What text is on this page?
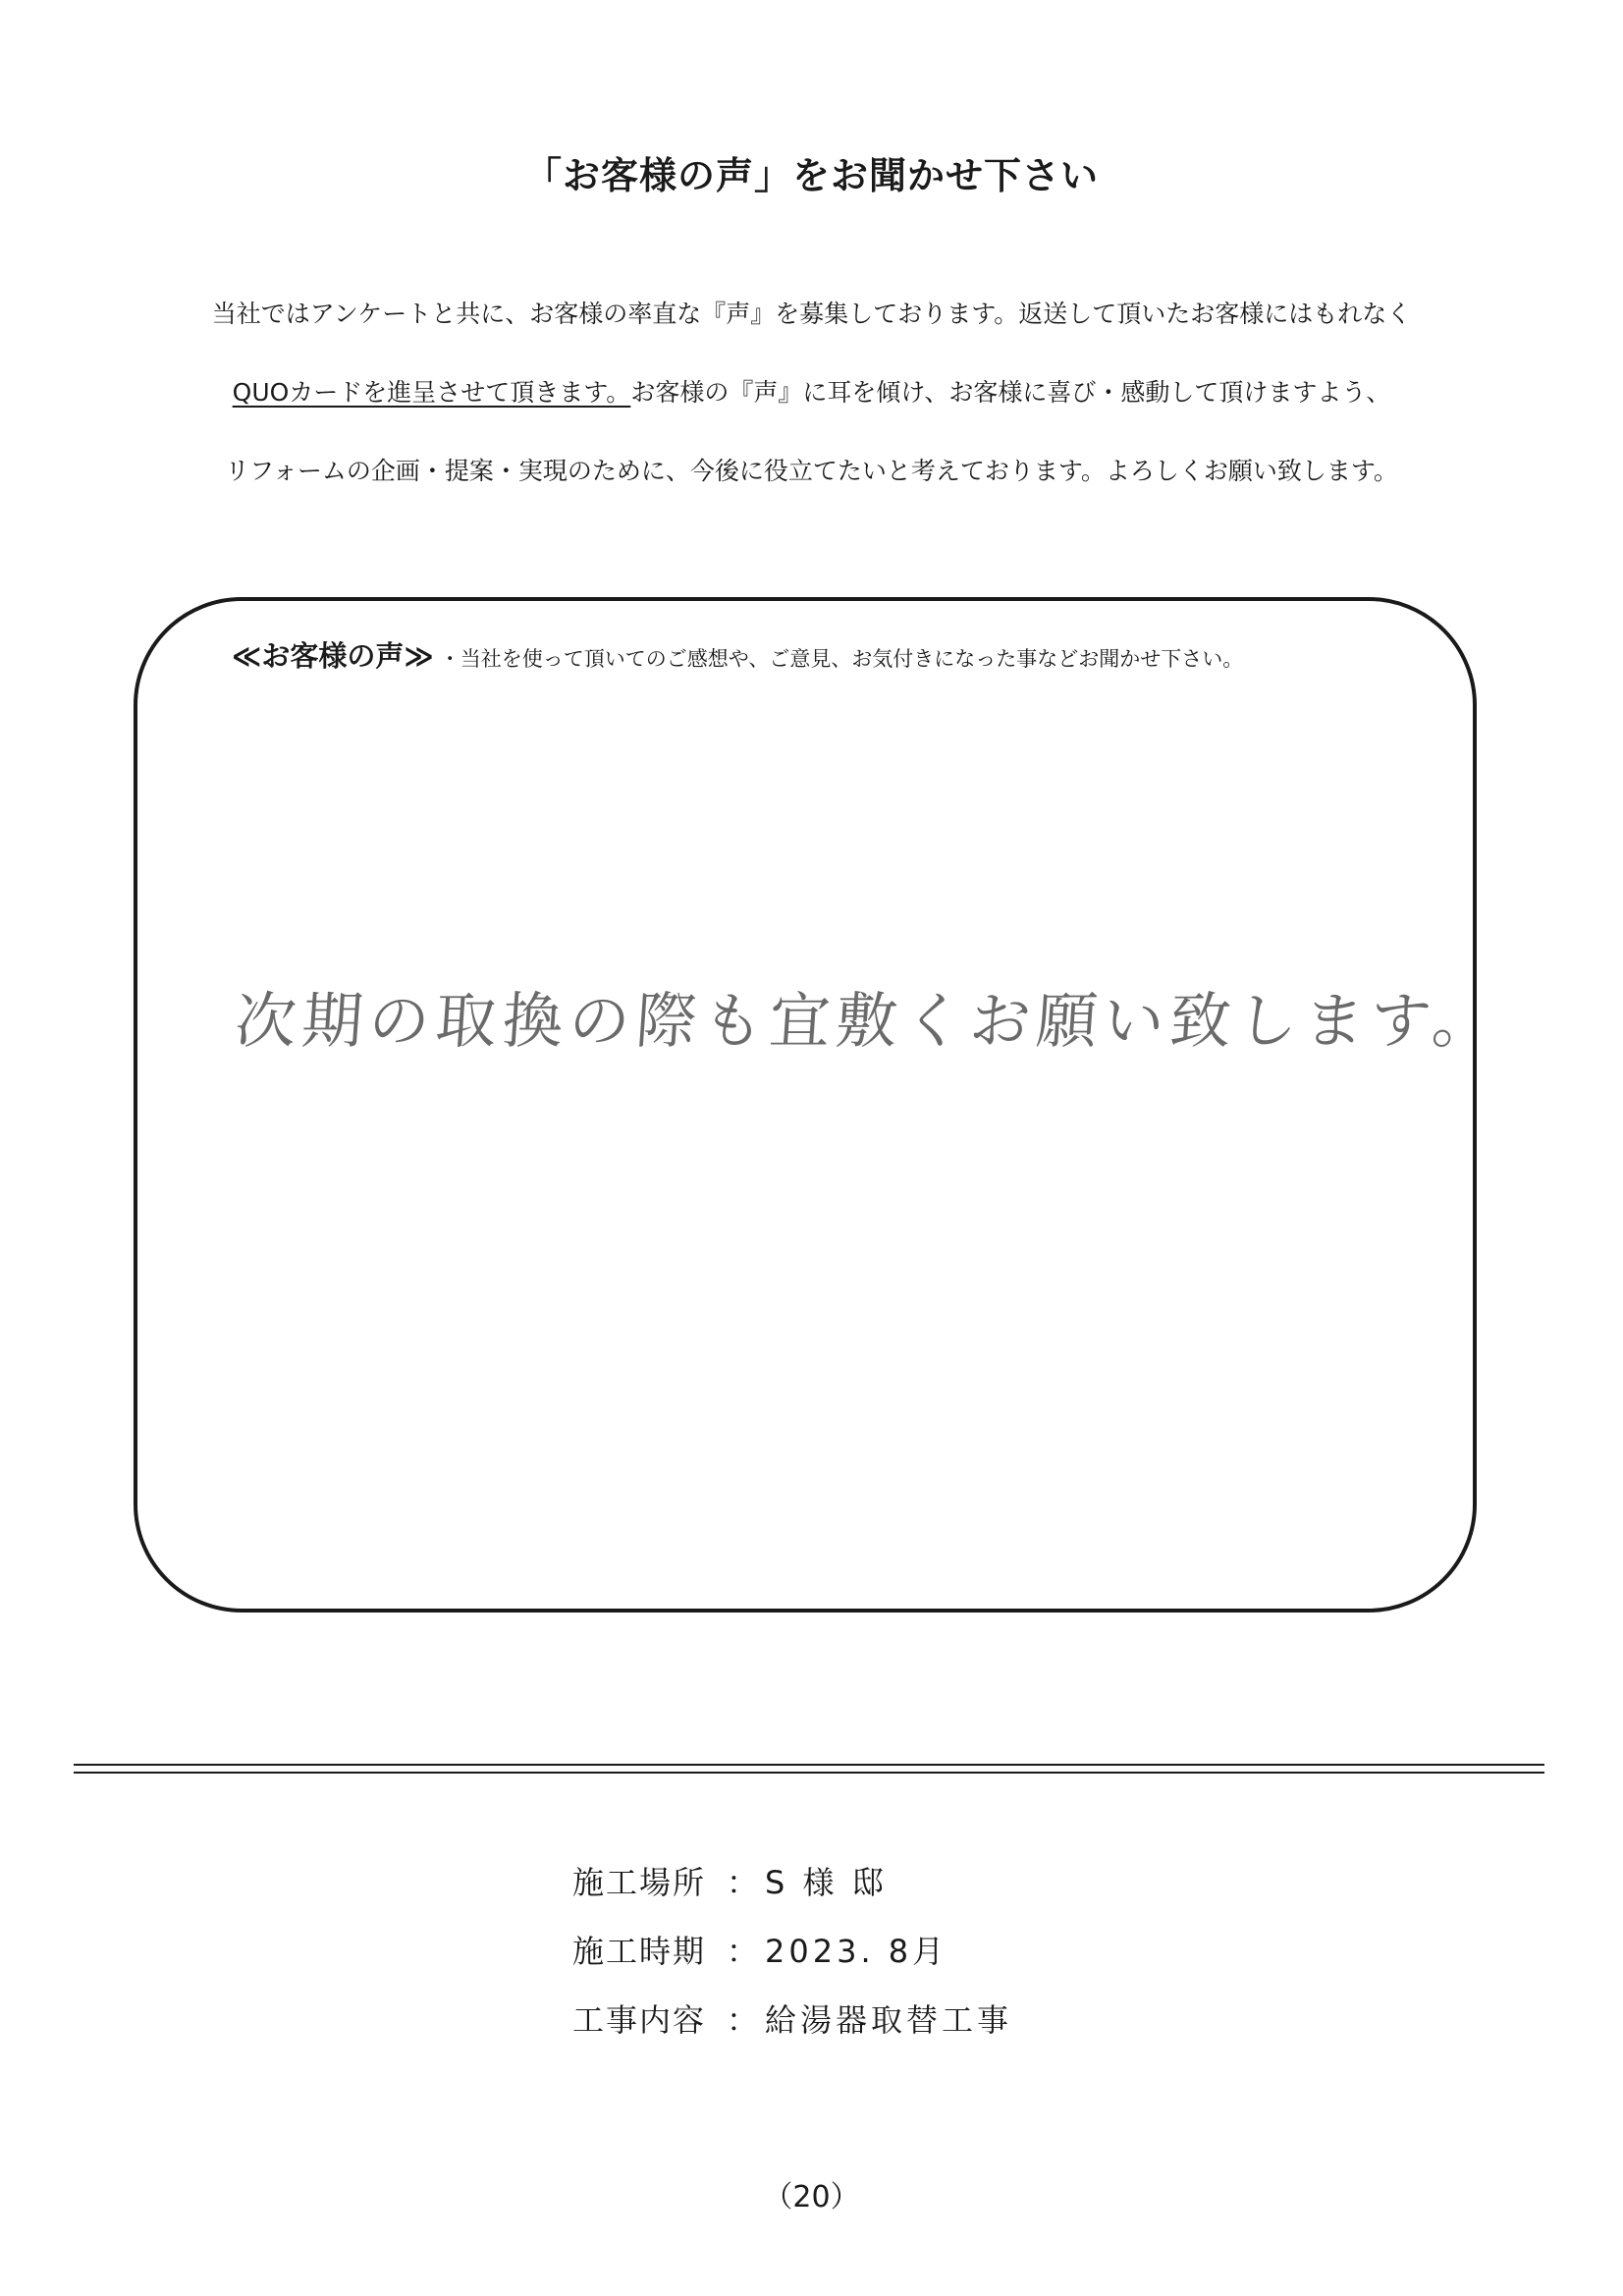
「お客様の声」をお聞かせ下さい
当社ではアンケートと共に、お客様の率直な『声』を募集しております。返送して頂いたお客様にはもれなく
QUOカードを進呈させて頂きます。お客様の『声』に耳を傾け、お客様に喜び・感動して頂けますよう、
リフォームの企画・提案・実現のために、今後に役立てたいと考えております。よろしくお願い致します。
≪お客様の声≫ ・当社を使って頂いてのご感想や、ご意見、お気付きになった事などお聞かせ下さい。
次期の取換の際も宜敷くお願い致します。
施工場所 ： S 様 邸
施工時期 ： 2023. 8月
工事内容 ： 給湯器取替工事
（20）
